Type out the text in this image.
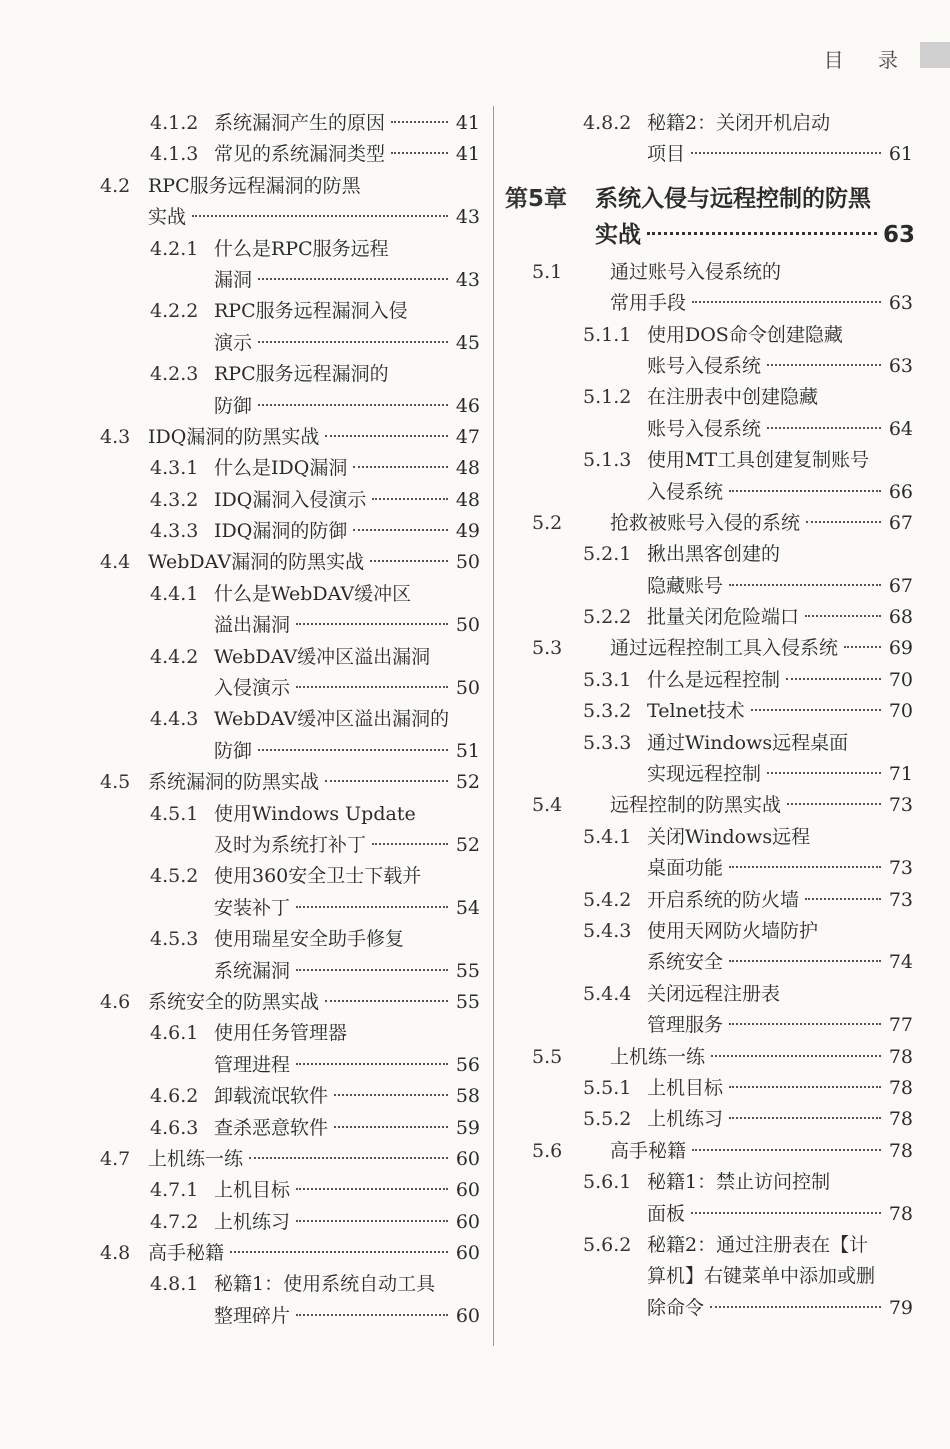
目 录
4.1.2 系统漏洞产生的原因	41
4.1.3 常见的系统漏洞类型	41
4.2 RPC服务远程漏洞的防黑
实战	43
4.2.1 什么是RPC服务远程
漏洞	43
4.2.2 RPC服务远程漏洞入侵
演示	45
4.2.3 RPC服务远程漏洞的
防御	46
4.3 IDQ漏洞的防黑实战	47
4.3.1 什么是IDQ漏洞	48
4.3.2 IDQ漏洞入侵演示	48
4.3.3 IDQ漏洞的防御	49
4.4 WebDAV漏洞的防黑实战	50
4.4.1 什么是WebDAV缓冲区
溢出漏洞	50
4.4.2 WebDAV缓冲区溢出漏洞
入侵演示	50
4.4.3 WebDAV缓冲区溢出漏洞的
防御	51
4.5 系统漏洞的防黑实战	52
4.5.1 使用Windows Update
及时为系统打补丁	52
4.5.2 使用360安全卫士下载并
安装补丁	54
4.5.3 使用瑞星安全助手修复
系统漏洞	55
4.6 系统安全的防黑实战	55
4.6.1 使用任务管理器
管理进程	56
4.6.2 卸载流氓软件	58
4.6.3 查杀恶意软件	59
4.7 上机练一练	60
4.7.1 上机目标	60
4.7.2 上机练习	60
4.8 高手秘籍	60
4.8.1 秘籍1：使用系统自动工具
整理碎片	60
4.8.2 秘籍2：关闭开机启动
项目	61
第5章	系统入侵与远程控制的防黑
实战	63
5.1	通过账号入侵系统的
常用手段	63
5.1.1 使用DOS命令创建隐藏
账号入侵系统	63
5.1.2 在注册表中创建隐藏
账号入侵系统	64
5.1.3 使用MT工具创建复制账号
入侵系统	66
5.2	抢救被账号入侵的系统	67
5.2.1 揪出黑客创建的
隐藏账号	67
5.2.2 批量关闭危险端口	68
5.3	通过远程控制工具入侵系统	69
5.3.1 什么是远程控制	70
5.3.2 Telnet技术	70
5.3.3 通过Windows远程桌面
实现远程控制	71
5.4	远程控制的防黑实战	73
5.4.1 关闭Windows远程
桌面功能	73
5.4.2 开启系统的防火墙	73
5.4.3 使用天网防火墙防护
系统安全	74
5.4.4 关闭远程注册表
管理服务	77
5.5	上机练一练	78
5.5.1 上机目标	78
5.5.2 上机练习	78
5.6	高手秘籍	78
5.6.1 秘籍1：禁止访问控制
面板	78
5.6.2 秘籍2：通过注册表在【计
算机】右键菜单中添加或删
除命令	79
